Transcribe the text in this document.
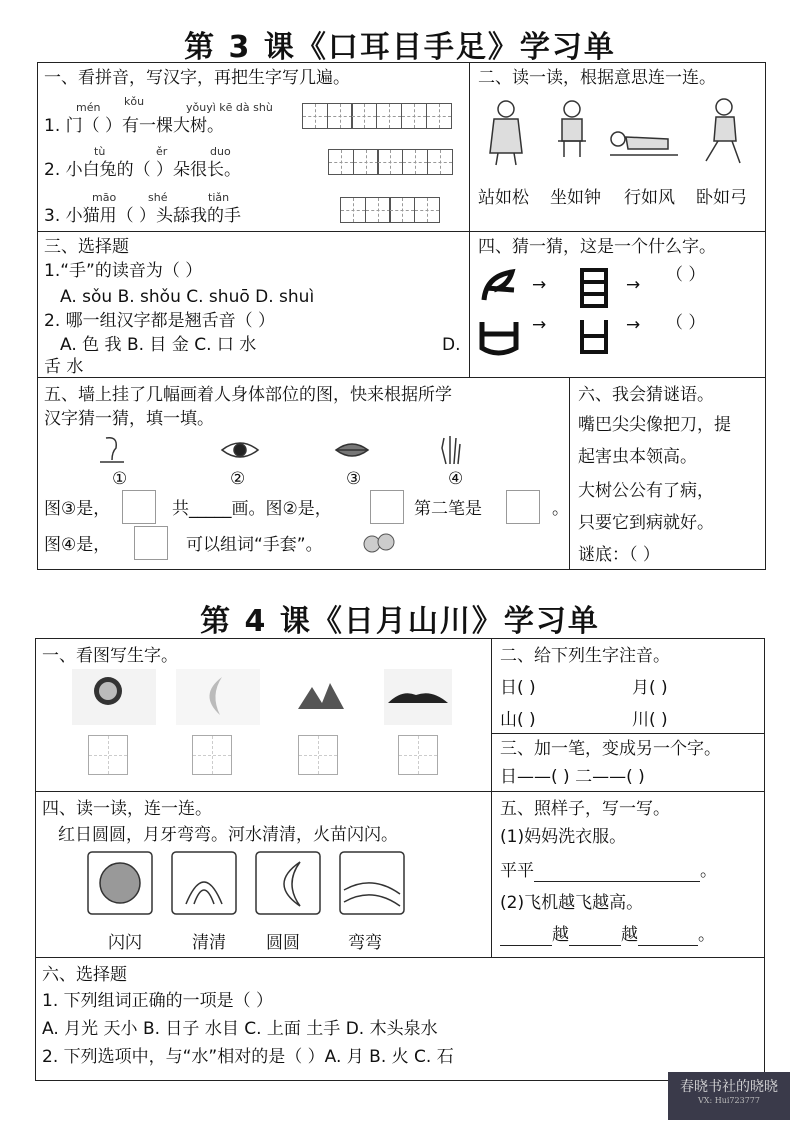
第 3 课《口耳目手足》学习单
一、看拼音，写汉字，再把生字写几遍。
mén kǒu	yǒuyì kē dà shù
1. 门（ ）有一棵大树。
tù	ěr	duo
2. 小白兔的（ ）朵很长。
māo	shé	tiǎn
3. 小猫用（ ）头舔我的手
二、读一读，根据意思连一连。
站如松 坐如钟 行如风 卧如弓
三、选择题
1.“手”的读音为（ ）
A. sǒu B. shǒu C. shuō D. shuì
2. 哪一组汉字都是翘舌音（ ）
A. 色 我 B. 目 金 C. 口 水	D.
舌 水
四、猜一猜，这是一个什么字。
→	→ （ ）
→	→ （ ）
五、墙上挂了几幅画着人身体部位的图，快来根据所学
汉字猜一猜，填一填。
①	②	③	④
图③是，	共_____画。图②是，	第二笔是	。
图④是，	可以组词“手套”。
六、我会猜谜语。
嘴巴尖尖像把刀，提
起害虫本领高。
大树公公有了病，
只要它到病就好。
谜底：（ ）
第 4 课《日月山川》学习单
一、看图写生字。	二、给下列生字注音。
日( )	月( )
山( )	川( )
三、加一笔，变成另一个字。
日——( ) 二——( )
四、读一读，连一连。
红日圆圆，月牙弯弯。河水清清，火苗闪闪。
闪闪	清清 圆圆	弯弯
五、照样子，写一写。
(1)妈妈洗衣服。
平平	。
(2)飞机越飞越高。
越	越	。
六、选择题
1. 下列组词正确的一项是（ ）
A. 月光 天小 B. 日子 水目 C. 上面 土手 D. 木头泉水
2. 下列选项中，与“水”相对的是（ ）A. 月 B. 火 C. 石
春晓书社的晓晓
VX: Hui723777
